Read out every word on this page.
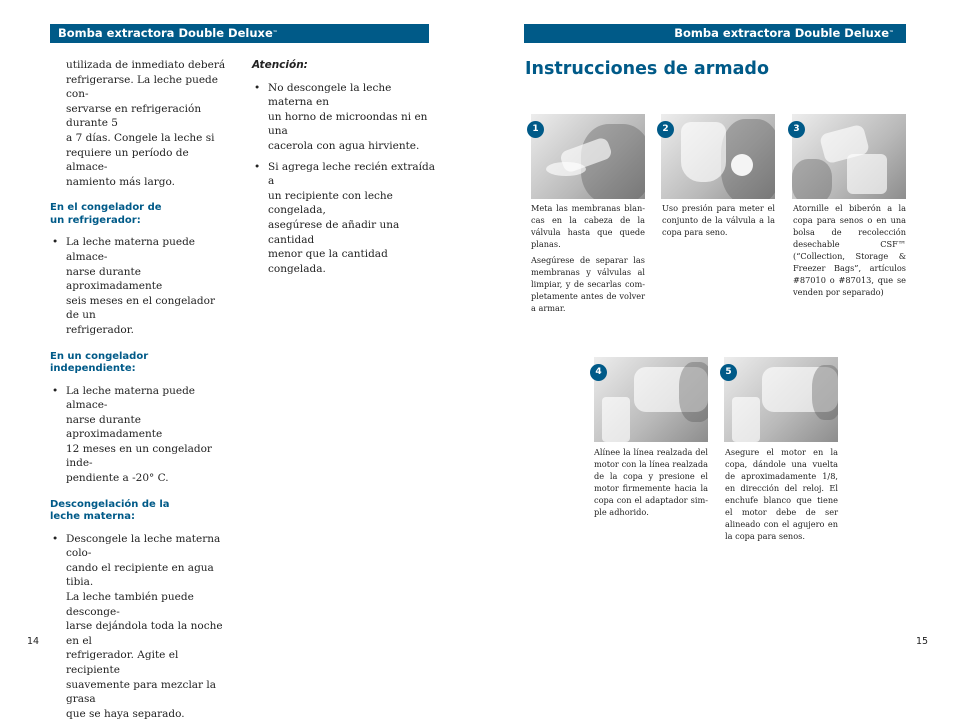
Bomba extractora Double Deluxe™	Bomba extractora Double Deluxe™

utilizada de inmediato deberá
refrigerarse. La leche puede con-
servarse en refrigeración durante 5
a 7 días. Congele la leche si
requiere un período de almace-
namiento más largo.

En el congelador de
un refrigerador:

• La leche materna puede almace-
narse durante aproximadamente
seis meses en el congelador de un
refrigerador.

En un congelador
independiente:

• La leche materna puede almace-
narse durante aproximadamente
12 meses en un congelador inde-
pendiente a -20° C.

Descongelación de la
leche materna:

• Descongele la leche materna colo-
cando el recipiente en agua tibia.
La leche también puede desconge-
larse dejándola toda la noche en el
refrigerador. Agite el recipiente
suavemente para mezclar la grasa
que se haya separado.

Atención:

• No descongele la leche materna en
un horno de microondas ni en una
cacerola con agua hirviente.

• Si agrega leche recién extraída a
un recipiente con leche congelada,
asegúrese de añadir una cantidad
menor que la cantidad congelada.

Instrucciones de armado
1

Meta las membranas blan- cas en la cabeza de la válvula hasta que quede planas.

Asegúrese de separar las membranas y válvulas al limpiar, y de secarlas com- pletamente antes de volver a armar.

2

Uso presión para meter el conjunto de la válvula a la copa para seno.

3

Atornille el biberón a la copa para senos o en una bolsa de recolección desechable CSF™ (“Collection, Storage & Freezer Bags”, artículos #87010 o #87013, que se venden por separado)

4

Alínee la línea realzada del motor con la línea realzada de la copa y presione el motor firmemente hacia la copa con el adaptador sim- ple adhorido.

5

Asegure el motor en la copa, dándole una vuelta de aproximadamente 1/8, en dirección del reloj. El enchufe blanco que tiene el motor debe de ser alineado con el agujero en la copa para senos.

14	15
